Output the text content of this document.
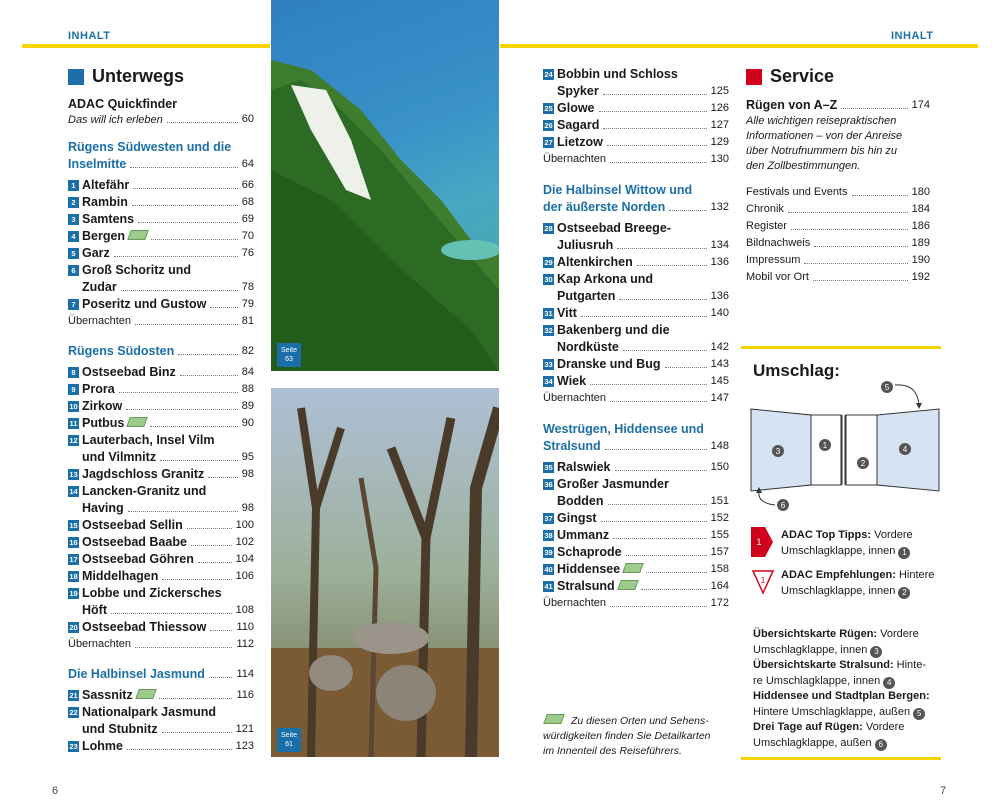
INHALT	INHALT
Unterwegs
ADAC Quickfinder
Das will ich erleben	60
Rügens Südwesten und die
Inselmitte	64
1 Altefähr	66
2 Rambin	68
3 Samtens	69
4 Bergen	70
5 Garz	76
6 Groß Schoritz und
Zudar	78
7 Poseritz und Gustow	79
Übernachten	81
Rügens Südosten	82
8 Ostseebad Binz	84
9 Prora	88
10 Zirkow	89
11 Putbus	90
12 Lauterbach, Insel Vilm
und Vilmnitz	95
13 Jagdschloss Granitz	98
14 Lancken-Granitz und
Having	98
15 Ostseebad Sellin	100
16 Ostseebad Baabe	102
17 Ostseebad Göhren	104
18 Middelhagen	106
19 Lobbe und Zickersches
Höft	108
20 Ostseebad Thiessow	110
Übernachten	112
Die Halbinsel Jasmund	114
21 Sassnitz	116
22 Nationalpark Jasmund
und Stubnitz	121
23 Lohme	123
Seite
63
Seite
61
24 Bobbin und Schloss
Spyker	125
25 Glowe	126
26 Sagard	127
27 Lietzow	129
Übernachten	130
Die Halbinsel Wittow und
der äußerste Norden	132
28 Ostseebad Breege-
Juliusruh	134
29 Altenkirchen	136
30 Kap Arkona und
Putgarten	136
31 Vitt	140
32 Bakenberg und die
Nordküste	142
33 Dranske und Bug	143
34 Wiek	145
Übernachten	147
Westrügen, Hiddensee und
Stralsund	148
35 Ralswiek	150
36 Großer Jasmunder
Bodden	151
37 Gingst	152
38 Ummanz	155
39 Schaprode	157
40 Hiddensee	158
41 Stralsund	164
Übernachten	172
Zu diesen Orten und Sehens-
würdigkeiten finden Sie Detailkarten
im Innenteil des Reiseführers.
Service
Rügen von A–Z	174
Alle wichtigen reisepraktischen
Informationen – von der Anreise
über Notrufnummern bis hin zu
den Zollbestimmungen.
Festivals und Events	180
Chronik	184
Register	186
Bildnachweis	189
Impressum	190
Mobil vor Ort	192
Umschlag:
3
1
2
4
5
6
1
ADAC Top Tipps: Vordere
Umschlagklappe, innen 1
1 ADAC Empfehlungen: Hintere
Umschlagklappe, innen 2
Übersichtskarte Rügen: Vordere
Umschlagklappe, innen 3
Übersichtskarte Stralsund: Hinte-
re Umschlagklappe, innen 4
Hiddensee und Stadtplan Bergen:
Hintere Umschlagklappe, außen 5
Drei Tage auf Rügen: Vordere
Umschlagklappe, außen 6
6	7
